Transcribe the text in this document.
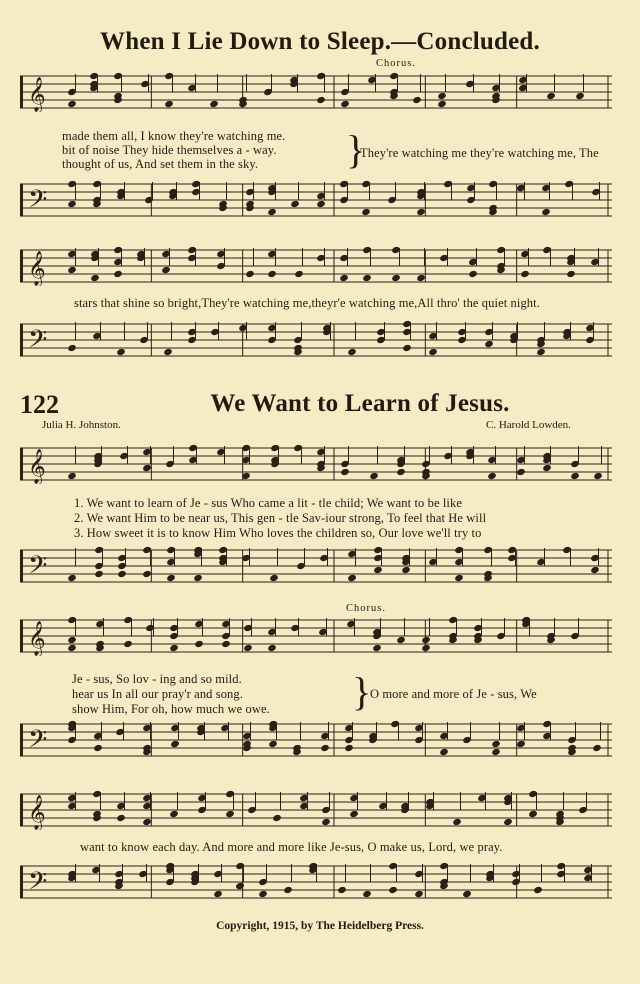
When I Lie Down to Sleep.—Concluded.
Chorus.
𝄞
made them all, I know they're watching me.
bit of noise They hide themselves a - way.
thought of us, And set them in the sky. }
They're watching me they're watching me, The
𝄢
𝄞
stars that shine so bright,They're watching me,theyr'e watching me,All thro' the quiet night.
𝄢
122	We Want to Learn of Jesus.
Julia H. Johnston.	C. Harold Lowden.
𝄞
1. We want to learn of Je - sus Who came a lit - tle child; We want to be like
2. We want Him to be near us, This gen - tle Sav-iour strong, To feel that He will
3. How sweet it is to know Him Who loves the children so, Our love we'll try to
𝄢
Chorus.
𝄞
Je - sus, So lov - ing and so mild.
hear us In all our pray'r and song.
show Him, For oh, how much we owe. }
O more and more of Je - sus, We
𝄢
𝄞
want to know each day. And more and more like Je-sus, O make us, Lord, we pray.
𝄢
Copyright, 1915, by The Heidelberg Press.
